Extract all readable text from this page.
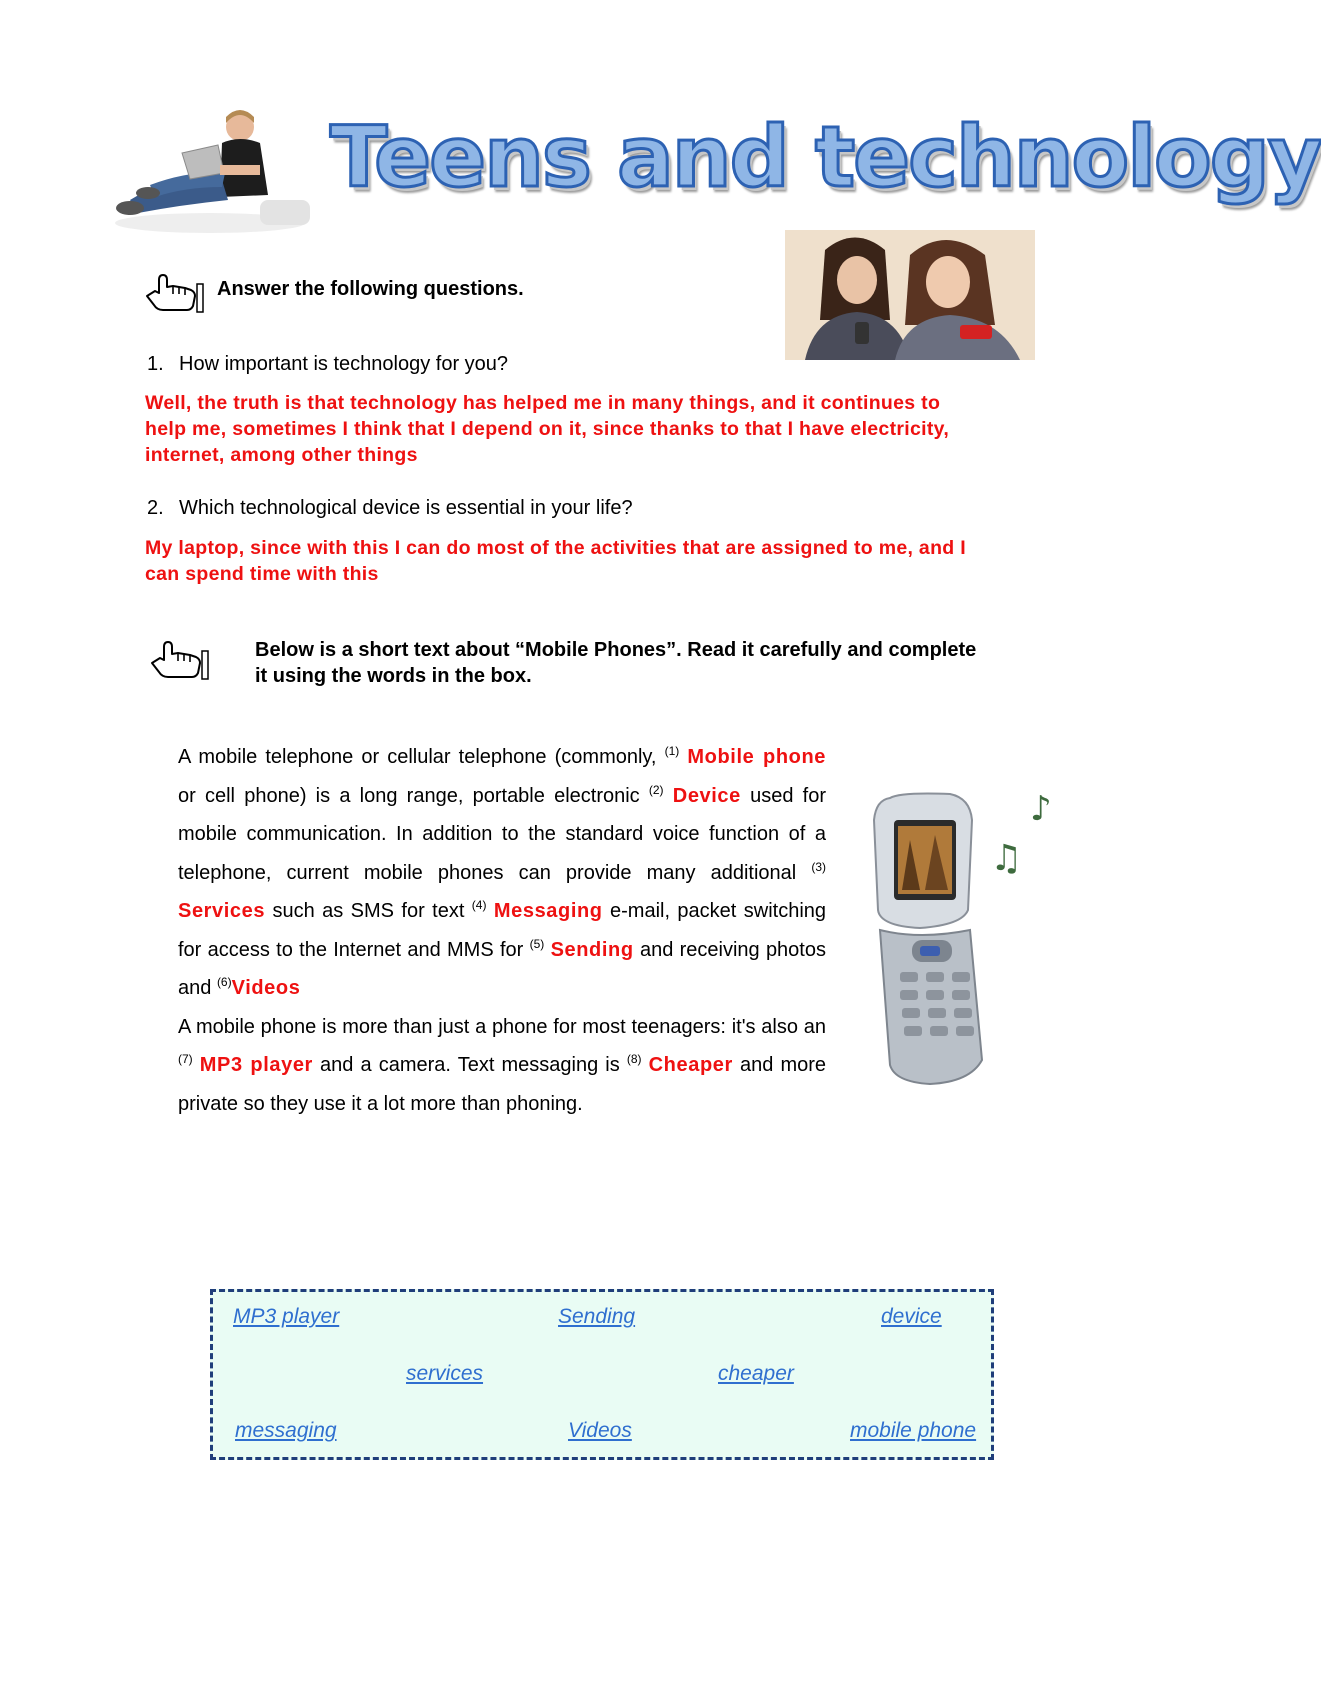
Teens and technology
Answer the following questions.
1. How important is technology for you?
Well, the truth is that technology has helped me in many things, and it continues to
help me, sometimes I think that I depend on it, since thanks to that I have electricity,
internet, among other things
2. Which technological device is essential in your life?
My laptop, since with this I can do most of the activities that are assigned to me, and I
can spend time with this
Below is a short text about “Mobile Phones”. Read it carefully and complete
it using the words in the box.
A mobile telephone or cellular telephone (commonly, $^{(1)}$ Mobile phone or cell phone) is a long range, portable electronic $^{(2)}$ Device used for mobile communication. In addition to the standard voice function of a telephone, current mobile phones can provide many additional $^{(3)}$ Services such as SMS for text $^{(4)}$ Messaging e-mail, packet switching for access to the Internet and MMS for $^{(5)}$ Sending and receiving photos and $^{(6)}$Videos
A mobile phone is more than just a phone for most teenagers: it's also an $^{(7)}$ MP3 player and a camera. Text messaging is $^{(8)}$ Cheaper and more private so they use it a lot more than phoning.
♪
♫
MP3 player	Sending	device
services	cheaper
messaging	Videos	mobile phone
